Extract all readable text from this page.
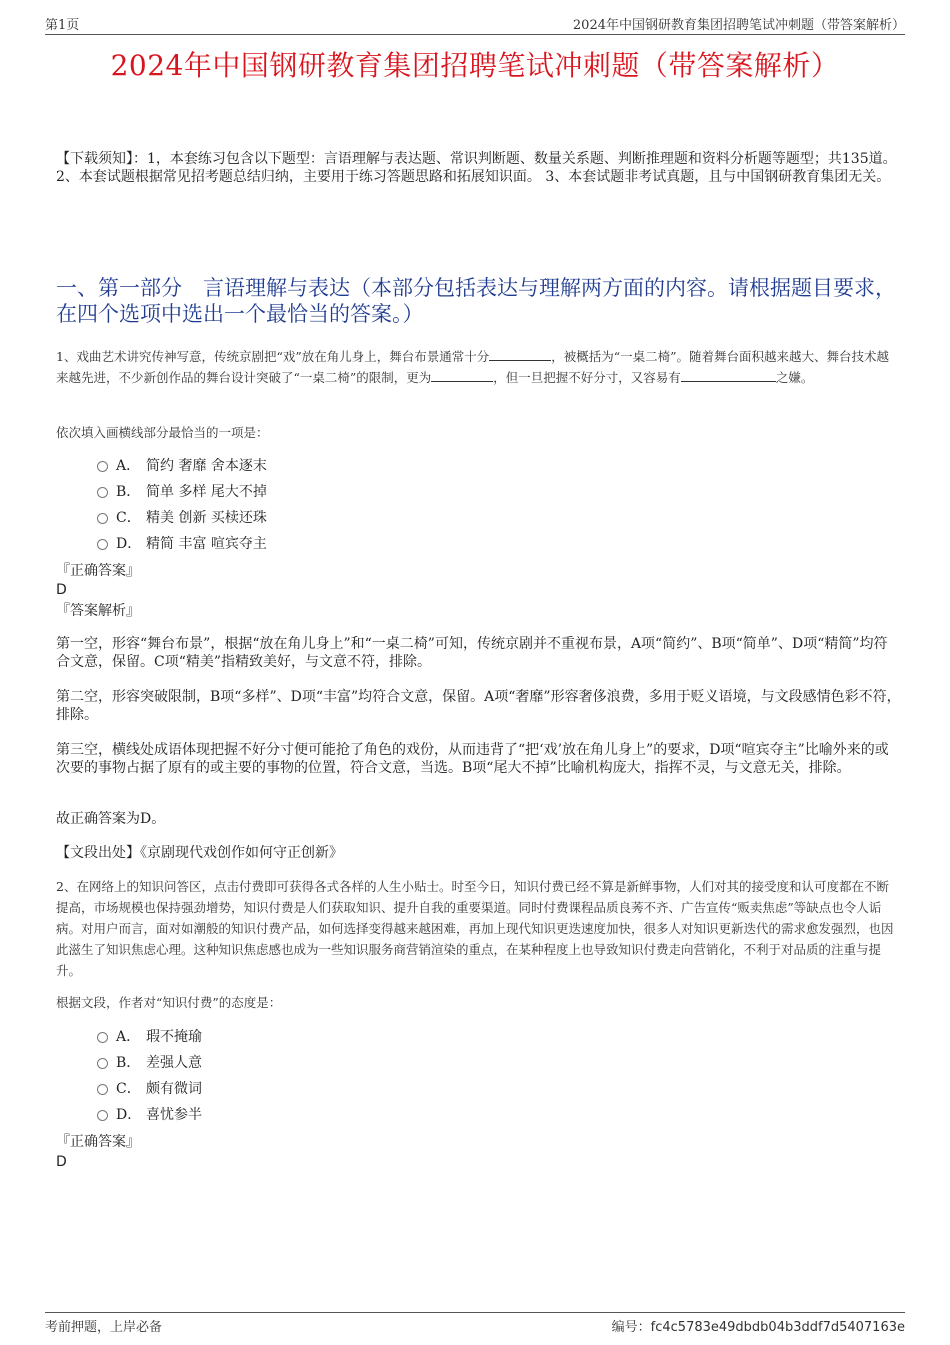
第1页	2024年中国钢研教育集团招聘笔试冲刺题（带答案解析）
2024年中国钢研教育集团招聘笔试冲刺题（带答案解析）
【下载须知】：1，本套练习包含以下题型：言语理解与表达题、常识判断题、数量关系题、判断推理题和资料分析题等题型；共135道。 2、本套试题根据常见招考题总结归纳，主要用于练习答题思路和拓展知识面。 3、本套试题非考试真题，且与中国钢研教育集团无关。
一、第一部分　言语理解与表达（本部分包括表达与理解两方面的内容。请根据题目要求，在四个选项中选出一个最恰当的答案。）
1、戏曲艺术讲究传神写意，传统京剧把“戏”放在角儿身上，舞台布景通常十分	，被概括为“一桌二椅”。随着舞台面积越来越大、舞台技术越来越先进，不少新创作品的舞台设计突破了“一桌二椅”的限制，更为	，但一旦把握不好分寸，又容易有	之嫌。
依次填入画横线部分最恰当的一项是：
A． 简约 奢靡 舍本逐末
B． 简单 多样 尾大不掉
C． 精美 创新 买椟还珠
D． 精简 丰富 喧宾夺主
『正确答案』
D
『答案解析』
第一空，形容“舞台布景”，根据“放在角儿身上”和“一桌二椅”可知，传统京剧并不重视布景，A项“简约”、B项“简单”、D项“精简”均符合文意，保留。C项“精美”指精致美好，与文意不符，排除。
第二空，形容突破限制，B项“多样”、D项“丰富”均符合文意，保留。A项“奢靡”形容奢侈浪费，多用于贬义语境，与文段感情色彩不符，排除。
第三空，横线处成语体现把握不好分寸便可能抢了角色的戏份，从而违背了“把‘戏’放在角儿身上”的要求，D项“喧宾夺主”比喻外来的或次要的事物占据了原有的或主要的事物的位置，符合文意，当选。B项“尾大不掉”比喻机构庞大，指挥不灵，与文意无关，排除。
故正确答案为D。
【文段出处】《京剧现代戏创作如何守正创新》
2、在网络上的知识问答区，点击付费即可获得各式各样的人生小贴士。时至今日，知识付费已经不算是新鲜事物，人们对其的接受度和认可度都在不断提高，市场规模也保持强劲增势，知识付费是人们获取知识、提升自我的重要渠道。同时付费课程品质良莠不齐、广告宣传“贩卖焦虑”等缺点也令人诟病。对用户而言，面对如潮般的知识付费产品，如何选择变得越来越困难，再加上现代知识更迭速度加快，很多人对知识更新迭代的需求愈发强烈，也因此滋生了知识焦虑心理。这种知识焦虑感也成为一些知识服务商营销渲染的重点，在某种程度上也导致知识付费走向营销化，不利于对品质的注重与提升。
根据文段，作者对“知识付费”的态度是：
A． 瑕不掩瑜
B． 差强人意
C． 颇有微词
D． 喜忧参半
『正确答案』
D
考前押题，上岸必备	编号：fc4c5783e49dbdb04b3ddf7d5407163e
